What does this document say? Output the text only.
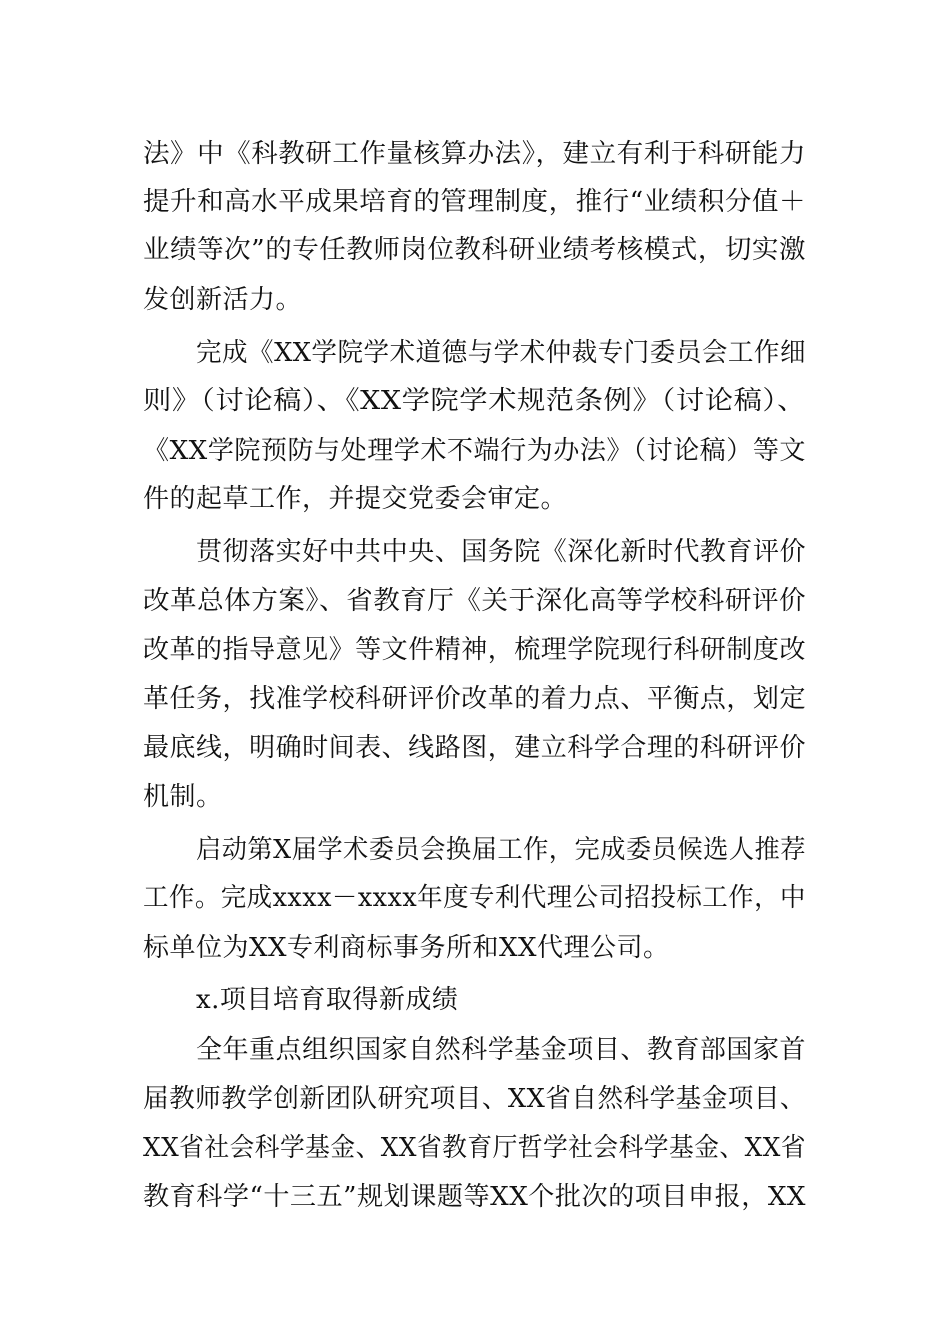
法》中《科教研工作量核算办法》，建立有利于科研能力
提升和高水平成果培育的管理制度，推行“业绩积分值＋
业绩等次”的专任教师岗位教科研业绩考核模式，切实激
发创新活力。
完成《XX学院学术道德与学术仲裁专门委员会工作细
则》（讨论稿）、《XX学院学术规范条例》（讨论稿）、
《XX学院预防与处理学术不端行为办法》（讨论稿）等文
件的起草工作，并提交党委会审定。
贯彻落实好中共中央、国务院《深化新时代教育评价
改革总体方案》、省教育厅《关于深化高等学校科研评价
改革的指导意见》等文件精神，梳理学院现行科研制度改
革任务，找准学校科研评价改革的着力点、平衡点，划定
最底线，明确时间表、线路图，建立科学合理的科研评价
机制。
启动第X届学术委员会换届工作，完成委员候选人推荐
工作。完成xxxx－xxxx年度专利代理公司招投标工作，中
标单位为XX专利商标事务所和XX代理公司。
x.项目培育取得新成绩
全年重点组织国家自然科学基金项目、教育部国家首
届教师教学创新团队研究项目、XX省自然科学基金项目、
XX省社会科学基金、XX省教育厅哲学社会科学基金、XX省
教育科学“十三五”规划课题等XX个批次的项目申报，XX
